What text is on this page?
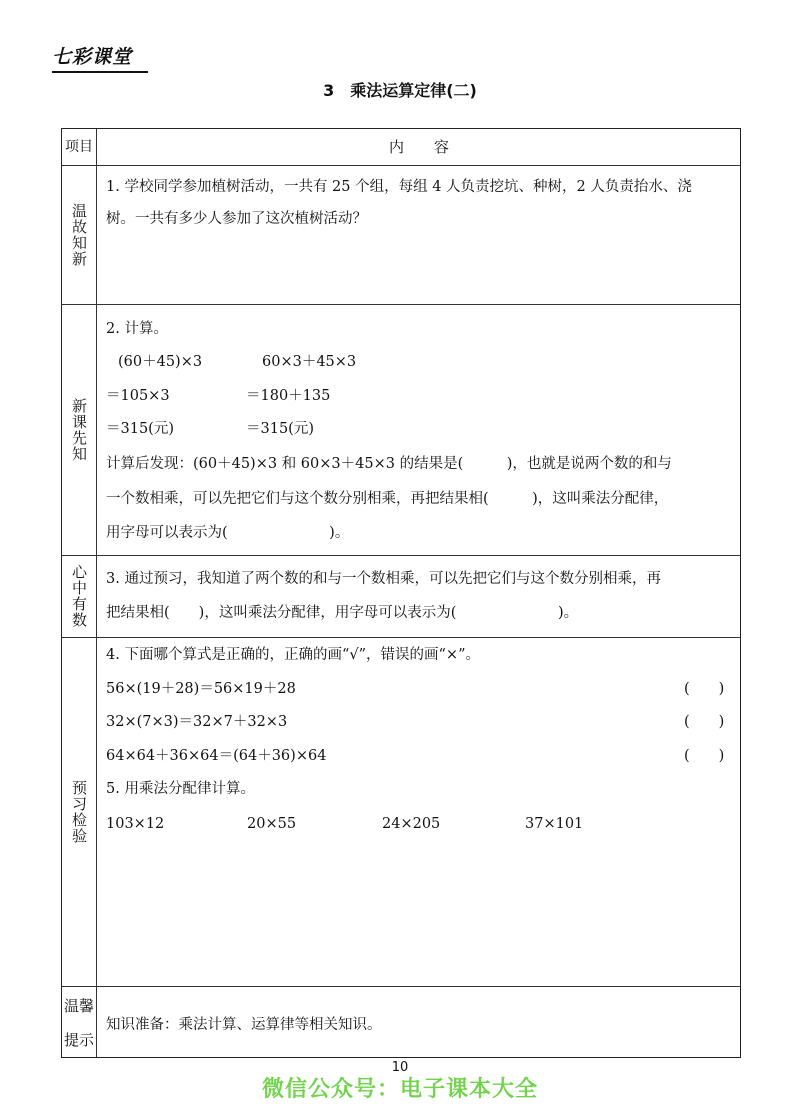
七彩课堂
3　乘法运算定律(二)
项目	内　　容
温故知新
1. 学校同学参加植树活动，一共有 25 个组，每组 4 人负责挖坑、种树，2 人负责抬水、浇
树。一共有多少人参加了这次植树活动？
新课先知
2. 计算。
(60＋45)×3	60×3＋45×3
＝105×3	＝180＋135
＝315(元)	＝315(元)
计算后发现：(60＋45)×3 和 60×3＋45×3 的结果是(　　　)，也就是说两个数的和与
一个数相乘，可以先把它们与这个数分别相乘，再把结果相(　　　)，这叫乘法分配律，
用字母可以表示为(　　　　　　　)。
心中有数 3. 通过预习，我知道了两个数的和与一个数相乘，可以先把它们与这个数分别相乘，再
把结果相(　　)，这叫乘法分配律，用字母可以表示为(　　　　　　　)。
预习检验
4. 下面哪个算式是正确的，正确的画“√”，错误的画“×”。
56×(19＋28)＝56×19＋28	(　　)
32×(7×3)＝32×7＋32×3	(　　)
64×64＋36×64＝(64＋36)×64	(　　)
5. 用乘法分配律计算。
103×12	20×55	24×205	37×101
温馨
提示
知识准备：乘法计算、运算律等相关知识。
10
微信公众号：电子课本大全
